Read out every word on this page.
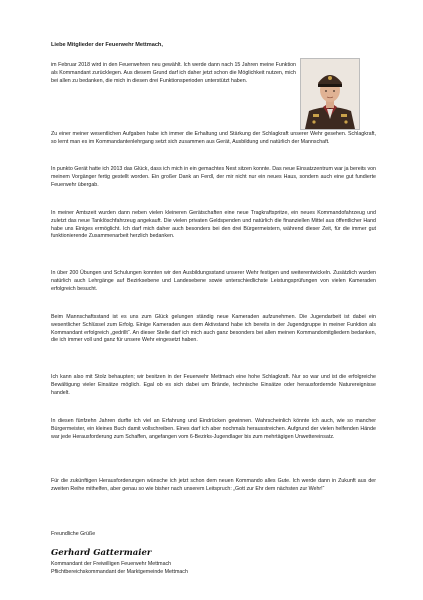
Liebe Mitglieder der Feuerwehr Mettmach,
im Februar 2018 wird in den Feuerwehren neu gewählt. Ich werde dann nach 15 Jahren meine Funktion als Kommandant zurücklegen. Aus diesem Grund darf ich daher jetzt schon die Möglichkeit nutzen, mich bei allen zu bedanken, die mich in diesen drei Funktionsperioden unterstützt haben.
Zu einer meiner wesentlichen Aufgaben habe ich immer die Erhaltung und Stärkung der Schlagkraft unserer Wehr gesehen. Schlagkraft, so lernt man es im Kommandantenlehrgang setzt sich zusammen aus Gerät, Ausbildung und natürlich der Mannschaft.
In punkto Gerät hatte ich 2013 das Glück, dass ich mich in ein gemachtes Nest sitzen konnte. Das neue Einsatzzentrum war ja bereits von meinem Vorgänger fertig gestellt worden. Ein großer Dank an Ferdl, der mir nicht nur ein neues Haus, sondern auch eine gut fundierte Feuerwehr übergab.
In meiner Amtszeit wurden dann neben vielen kleineren Gerätschaften eine neue Tragkraftspritze, ein neues Kommandofahrzeug und zuletzt das neue Tanklöschfahrzeug angekauft. Die vielen privaten Geldspenden und natürlich die finanziellen Mittel aus öffentlicher Hand habe uns Einiges ermöglicht. Ich darf mich daher auch besonders bei den drei Bürgermeistern, während dieser Zeit, für die immer gut funktionierende Zusammenarbeit herzlich bedanken.
In über 200 Übungen und Schulungen konnten wir den Ausbildungsstand unserer Wehr festigen und weiterentwickeln. Zusätzlich wurden natürlich auch Lehrgänge auf Bezirksebene und Landesebene sowie unterschiedlichste Leistungsprüfungen von vielen Kameraden erfolgreich besucht.
Beim Mannschaftsstand ist es uns zum Glück gelungen ständig neue Kameraden aufzunehmen. Die Jugendarbeit ist dabei ein wesentlicher Schlüssel zum Erfolg. Einige Kameraden aus dem Aktivstand habe ich bereits in der Jugendgruppe in meiner Funktion als Kommandant erfolgreich „gedrillt“. An dieser Stelle darf ich mich auch ganz besonders bei allen meinen Kommandomitgliedern bedanken, die ich immer voll und ganz für unsere Wehr eingesetzt haben.
Ich kann also mit Stolz behaupten; wir besitzen in der Feuerwehr Mettmach eine hohe Schlagkraft. Nur so war und ist die erfolgreiche Bewältigung vieler Einsätze möglich. Egal ob es sich dabei um Brände, technische Einsätze oder herausfordernde Naturereignisse handelt.
In diesen fünfzehn Jahren durfte ich viel an Erfahrung und Eindrücken gewinnen. Wahrscheinlich könnte ich auch, wie so mancher Bürgermeister, ein kleines Buch damit vollschreiben. Eines darf ich aber nochmals herausstreichen. Aufgrund der vielen helfenden Hände war jede Herausforderung zum Schaffen, angefangen vom 6-Bezirks-Jugendlager bis zum mehrtägigen Unwettereinsatz.
Für die zukünftigen Herausforderungen wünsche ich jetzt schon dem neuen Kommando alles Gute. Ich werde dann in Zukunft aus der zweiten Reihe mithelfen, aber genau so wie bisher nach unserem Leitspruch: „Gott zur Ehr dem nächsten zur Wehr!“
Freundliche Grüße
Gerhard Gattermaier
Kommandant der Freiwilligen Feuerwehr Mettmach
Pflichtbereichskommandant der Marktgemeinde Mettmach
